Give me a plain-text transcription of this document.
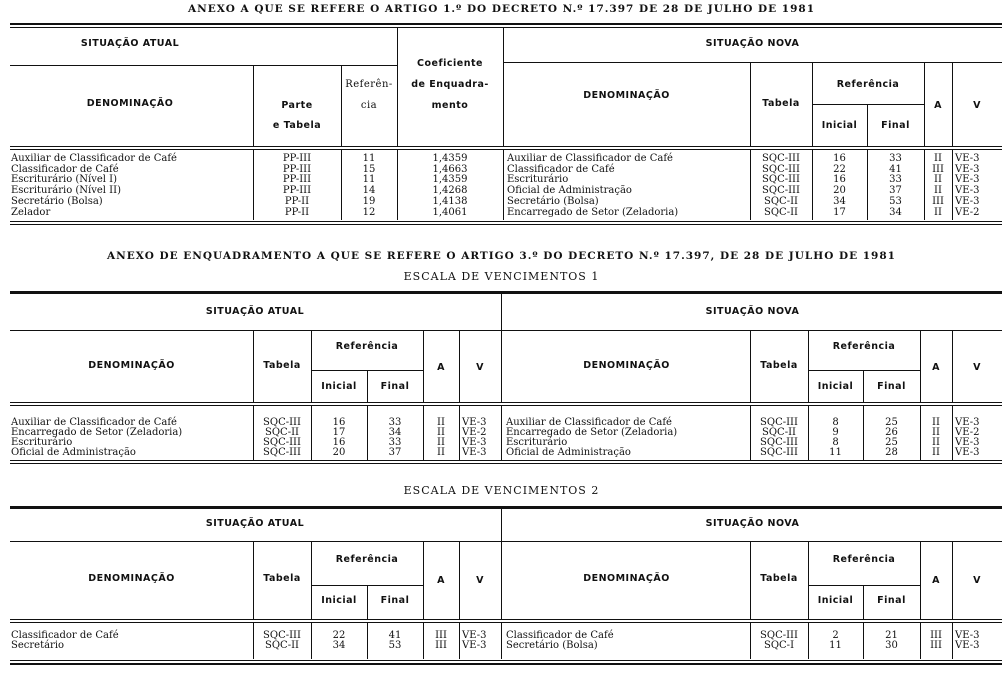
ANEXO A QUE SE REFERE O ARTIGO 1.º DO DECRETO N.º 17.397 DE 28 DE JULHO DE 1981
SITUAÇÃO ATUAL	SITUAÇÃO NOVA
DENOMINAÇÃO	Parte
e Tabela
Referên-
cia
Coeficiente
de Enquadra-
mento
DENOMINAÇÃO
Tabela
Referência
Inicial	Final
A	V
Auxiliar de Classificador de Café	PP-III	11	1,4359	Auxiliar de Classificador de Café	SQC-III	16	33	II	VE-3
Classificador de Café	PP-III	15	1,4663	Classificador de Café	SQC-III	22	41	III	VE-3
Escriturário (Nível I)	PP-III	11	1,4359	Escriturário	SQC-III	16	33	II	VE-3
Escriturário (Nível II)	PP-III	14	1,4268	Oficial de Administração	SQC-III	20	37	II	VE-3
Secretário (Bolsa)	PP-II	19	1,4138	Secretário (Bolsa)	SQC-II	34	53	III	VE-3
Zelador	PP-II	12	1,4061	Encarregado de Setor (Zeladoria)	SQC-II	17	34	II	VE-2
ANEXO DE ENQUADRAMENTO A QUE SE REFERE O ARTIGO 3.º DO DECRETO N.º 17.397, DE 28 DE JULHO DE 1981
ESCALA DE VENCIMENTOS 1
SITUAÇÃO ATUAL	SITUAÇÃO NOVA
DENOMINAÇÃO	Tabela
Referência
Inicial	Final
A	V	DENOMINAÇÃO	Tabela
Referência
Inicial	Final
A	V
Auxiliar de Classificador de Café	SQC-III	16	33	II	VE-3	Auxiliar de Classificador de Café	SQC-III	8	25	II	VE-3
Encarregado de Setor (Zeladoria)	SQC-II	17	34	II	VE-2	Encarregado de Setor (Zeladoria)	SQC-II	9	26	II	VE-2
Escriturário	SQC-III	16	33	II	VE-3	Escriturário	SQC-III	8	25	II	VE-3
Oficial de Administração	SQC-III	20	37	II	VE-3	Oficial de Administração	SQC-III	11	28	II	VE-3
ESCALA DE VENCIMENTOS 2
SITUAÇÃO ATUAL	SITUAÇÃO NOVA
DENOMINAÇÃO	Tabela
Referência
Inicial	Final
A	V	DENOMINAÇÃO	Tabela
Referência
Inicial	Final
A	V
Classificador de Café	SQC-III	22	41	III	VE-3	Classificador de Café	SQC-III	2	21	III	VE-3
Secretário	SQC-II	34	53	III	VE-3	Secretário (Bolsa)	SQC-I	11	30	III	VE-3
